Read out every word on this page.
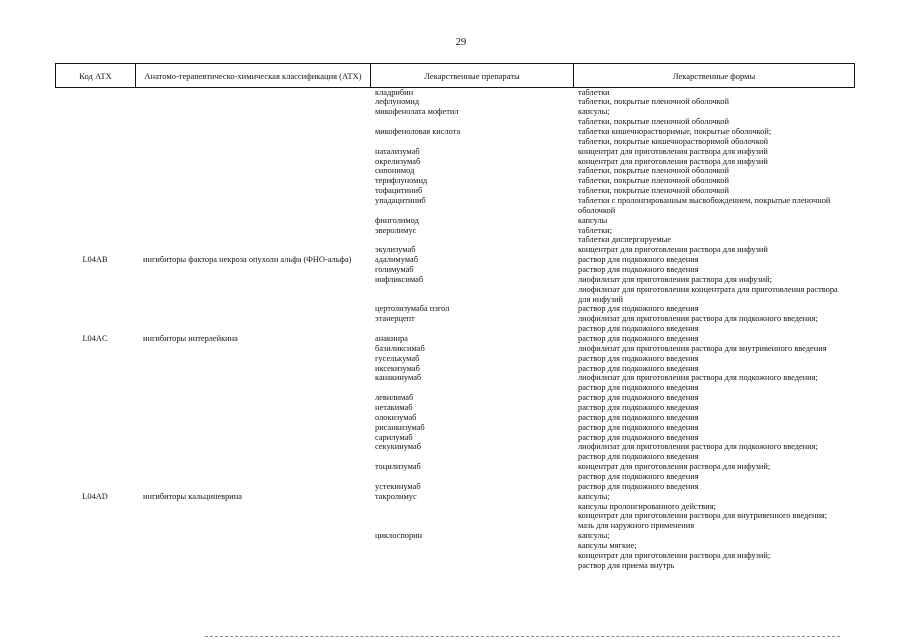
29
Код АТХ	Анатомо-терапевтическо-химическая классификация (АТХ)	Лекарственные препараты	Лекарственные формы
кладрибин	таблетки
лефлуномид	таблетки, покрытые пленочной оболочкой
микофенолата мофетил	капсулы;
таблетки, покрытые пленочной оболочкой
микофеноловая кислота	таблетки кишечнорастворимые, покрытые оболочкой;
таблетки, покрытые кишечнорастворимой оболочкой
натализумаб	концентрат для приготовления раствора для инфузий
окрелизумаб	концентрат для приготовления раствора для инфузий
сипонимод	таблетки, покрытые пленочной оболочкой
терифлуномид	таблетки, покрытые пленочной оболочкой
тофацитиниб	таблетки, покрытые пленочной оболочкой
упадацитиниб	таблетки с пролонгированным высвобождением, покрытые пленочной
оболочкой
финголимод	капсулы
эверолимус	таблетки;
таблетки диспергируемые
экулизумаб	концентрат для приготовления раствора для инфузий
L04AB	ингибиторы фактора некроза опухоли альфа (ФНО-альфа)	адалимумаб	раствор для подкожного введения
голимумаб	раствор для подкожного введения
инфликсимаб	лиофилизат для приготовления раствора для инфузий;
лиофилизат для приготовления концентрата для приготовления раствора
для инфузий
цертолизумаба пэгол	раствор для подкожного введения
этанерцепт	лиофилизат для приготовления раствора для подкожного введения;
раствор для подкожного введения
L04AC	ингибиторы интерлейкина	анакинра	раствор для подкожного введения
базиликсимаб	лиофилизат для приготовления раствора для внутривенного введения
гуселькумаб	раствор для подкожного введения
иксекизумаб	раствор для подкожного введения
канакинумаб	лиофилизат для приготовления раствора для подкожного введения;
раствор для подкожного введения
левилимаб	раствор для подкожного введения
нетакимаб	раствор для подкожного введения
олокизумаб	раствор для подкожного введения
рисанкизумаб	раствор для подкожного введения
сарилумаб	раствор для подкожного введения
секукинумаб	лиофилизат для приготовления раствора для подкожного введения;
раствор для подкожного введения
тоцилизумаб	концентрат для приготовления раствора для инфузий;
раствор для подкожного введения
устекинумаб	раствор для подкожного введения
L04AD	ингибиторы кальциневрина	такролимус	капсулы;
капсулы пролонгированного действия;
концентрат для приготовления раствора для внутривенного введения;
мазь для наружного применения
циклоспорин	капсулы;
капсулы мягкие;
концентрат для приготовления раствора для инфузий;
раствор для приема внутрь
